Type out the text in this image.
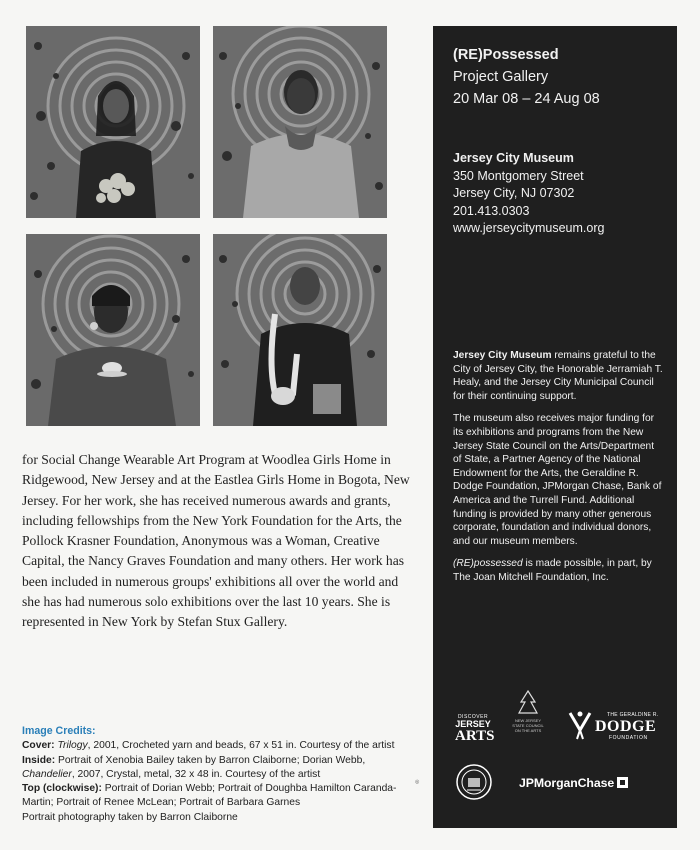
for Social Change Wearable Art Program at Woodlea Girls Home in Ridgewood, New Jersey and at the Eastlea Girls Home in Bogota, New Jersey. For her work, she has received numerous awards and grants, including fellowships from the New York Foundation for the Arts, the Pollock Krasner Foundation, Anonymous was a Woman, Creative Capital, the Nancy Graves Foundation and many others. Her work has been included in numerous groups' exhibitions all over the world and she has had numerous solo exhibitions over the last 10 years. She is represented in New York by Stefan Stux Gallery.

Image Credits:
Cover: Trilogy, 2001, Crocheted yarn and beads, 67 x 51 in. Courtesy of the artist
Inside: Portrait of Xenobia Bailey taken by Barron Claiborne; Dorian Webb, Chandelier, 2007, Crystal, metal, 32 x 48 in. Courtesy of the artist
Top (clockwise): Portrait of Dorian Webb; Portrait of Doughba Hamilton Caranda-Martin; Portrait of Renee McLean; Portrait of Barbara Garnes
Portrait photography taken by Barron Claiborne
◎
(RE)Possessed
Project Gallery
20 Mar 08 – 24 Aug 08
Jersey City Museum
350 Montgomery Street
Jersey City, NJ 07302
201.413.0303
www.jerseycitymuseum.org

Jersey City Museum remains grateful to the City of Jersey City, the Honorable Jerramiah T. Healy, and the Jersey City Municipal Council for their continuing support.

The museum also receives major funding for its exhibitions and programs from the New Jersey State Council on the Arts/Department of State, a Partner Agency of the National Endowment for the Arts, the Geraldine R. Dodge Foundation, JPMorgan Chase, Bank of America and the Turrell Fund. Additional funding is provided by many other generous corporate, foundation and individual donors, and our museum members.

(RE)possessed is made possible, in part, by The Joan Mitchell Foundation, Inc.

DISCOVER
JERSEY
ARTS
NEW JERSEY STATE COUNCIL ON THE ARTS
THE GERALDINE R.
DODGE
FOUNDATION
JPMorganChase
